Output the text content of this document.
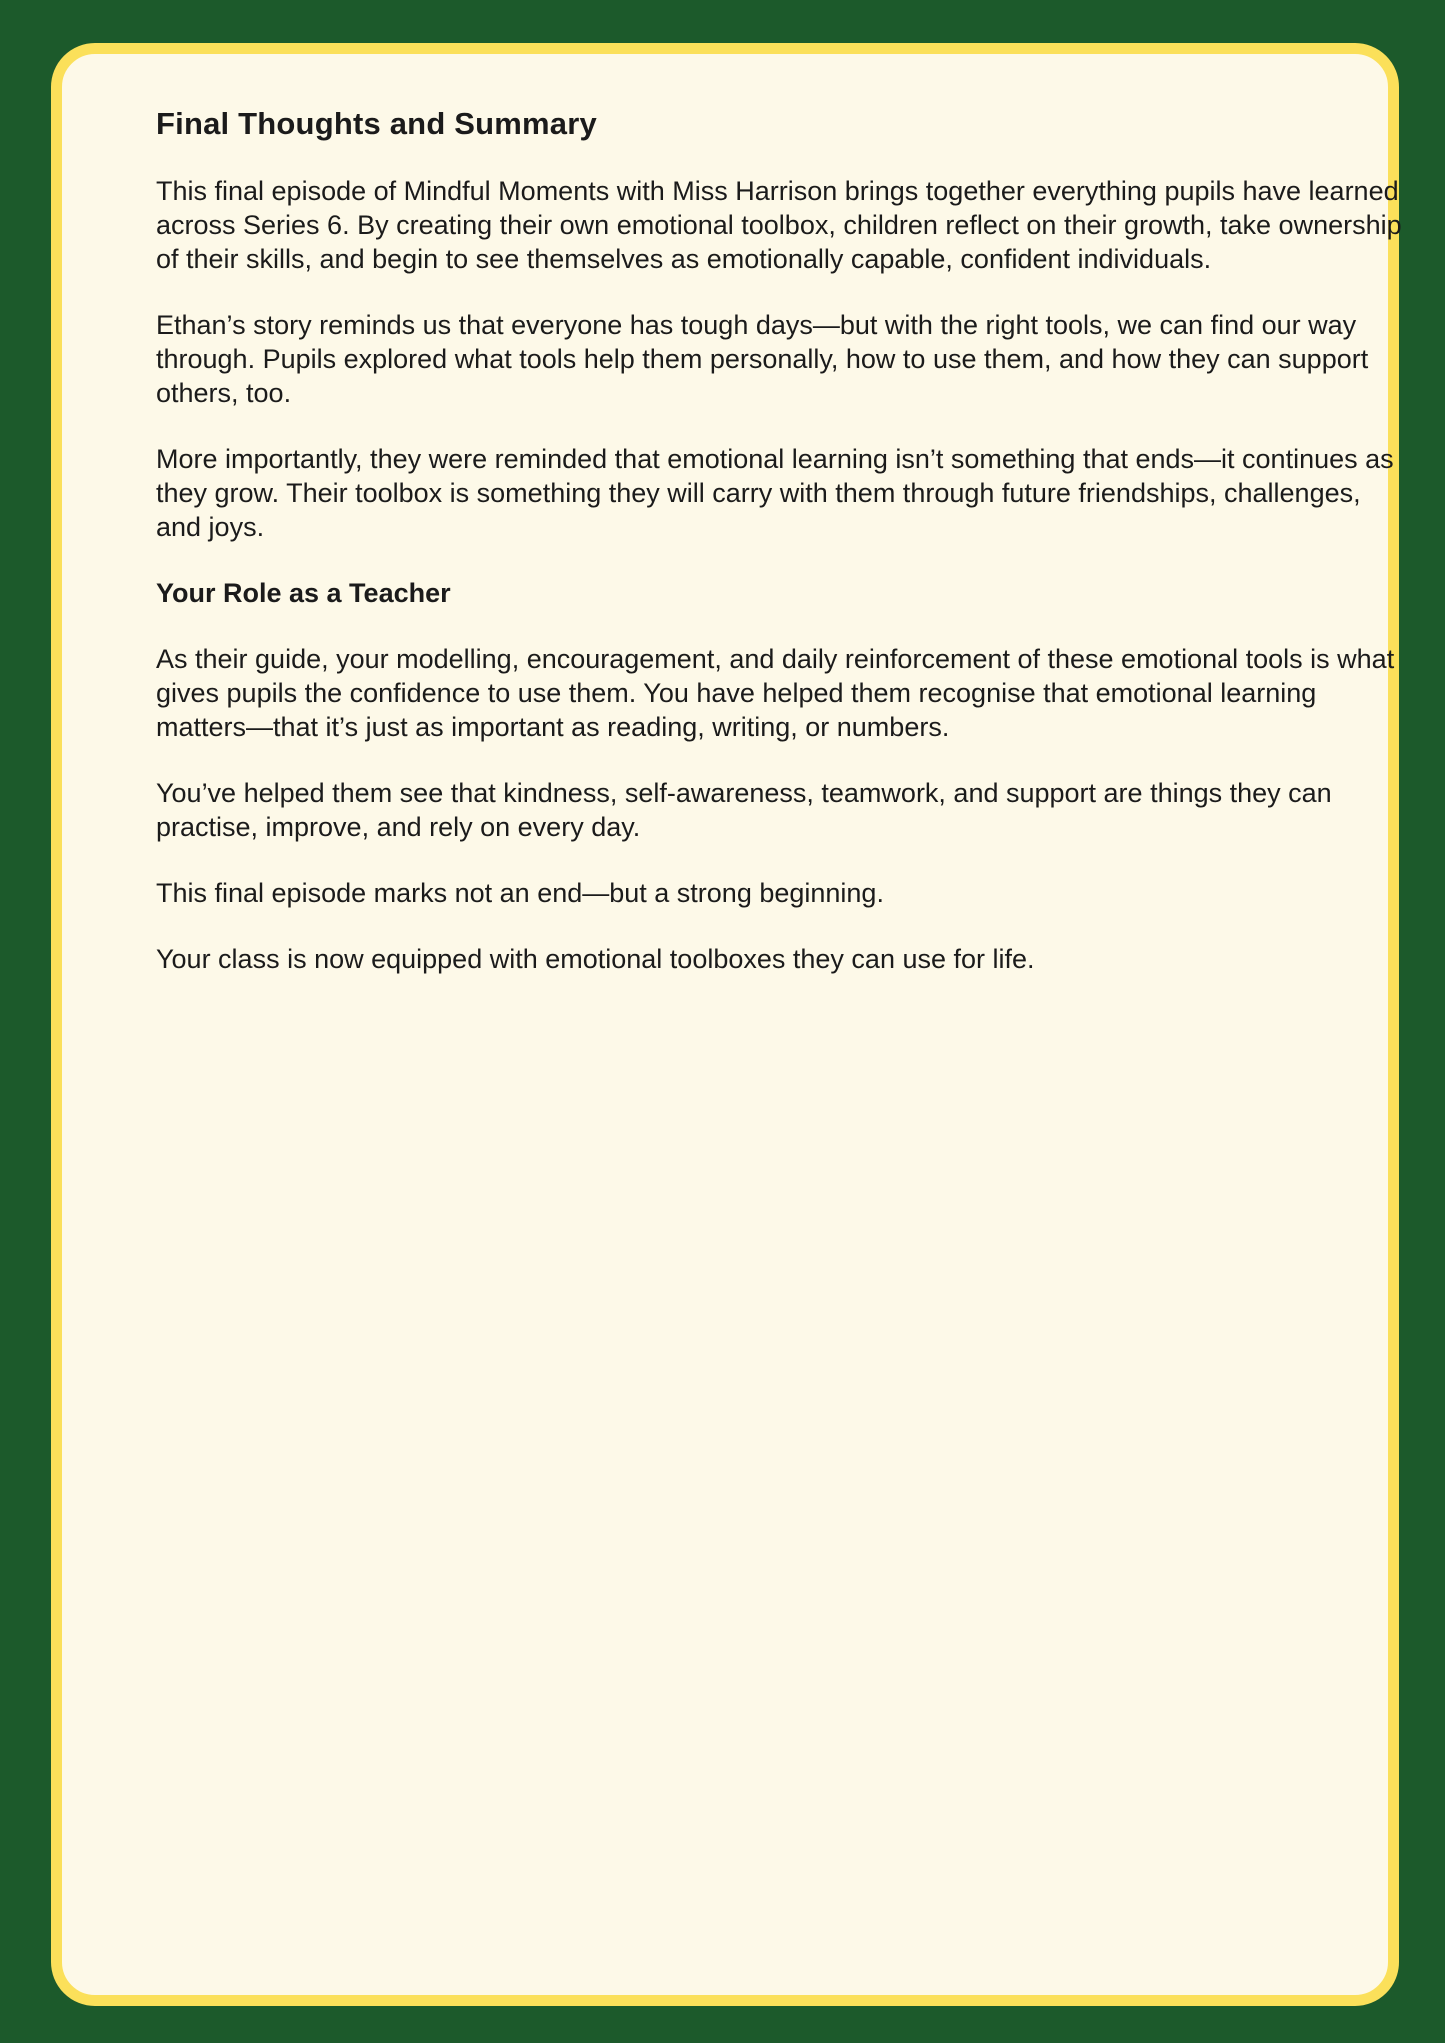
Final Thoughts and Summary

This final episode of Mindful Moments with Miss Harrison brings together everything pupils have learned across Series 6. By creating their own emotional toolbox, children reflect on their growth, take ownership of their skills, and begin to see themselves as emotionally capable, confident individuals.

Ethan’s story reminds us that everyone has tough days—but with the right tools, we can find our way through. Pupils explored what tools help them personally, how to use them, and how they can support others, too.

More importantly, they were reminded that emotional learning isn’t something that ends—it continues as they grow. Their toolbox is something they will carry with them through future friendships, challenges, and joys.

Your Role as a Teacher

As their guide, your modelling, encouragement, and daily reinforcement of these emotional tools is what gives pupils the confidence to use them. You have helped them recognise that emotional learning matters—that it’s just as important as reading, writing, or numbers.

You’ve helped them see that kindness, self-awareness, teamwork, and support are things they can practise, improve, and rely on every day.

This final episode marks not an end—but a strong beginning.

Your class is now equipped with emotional toolboxes they can use for life.
